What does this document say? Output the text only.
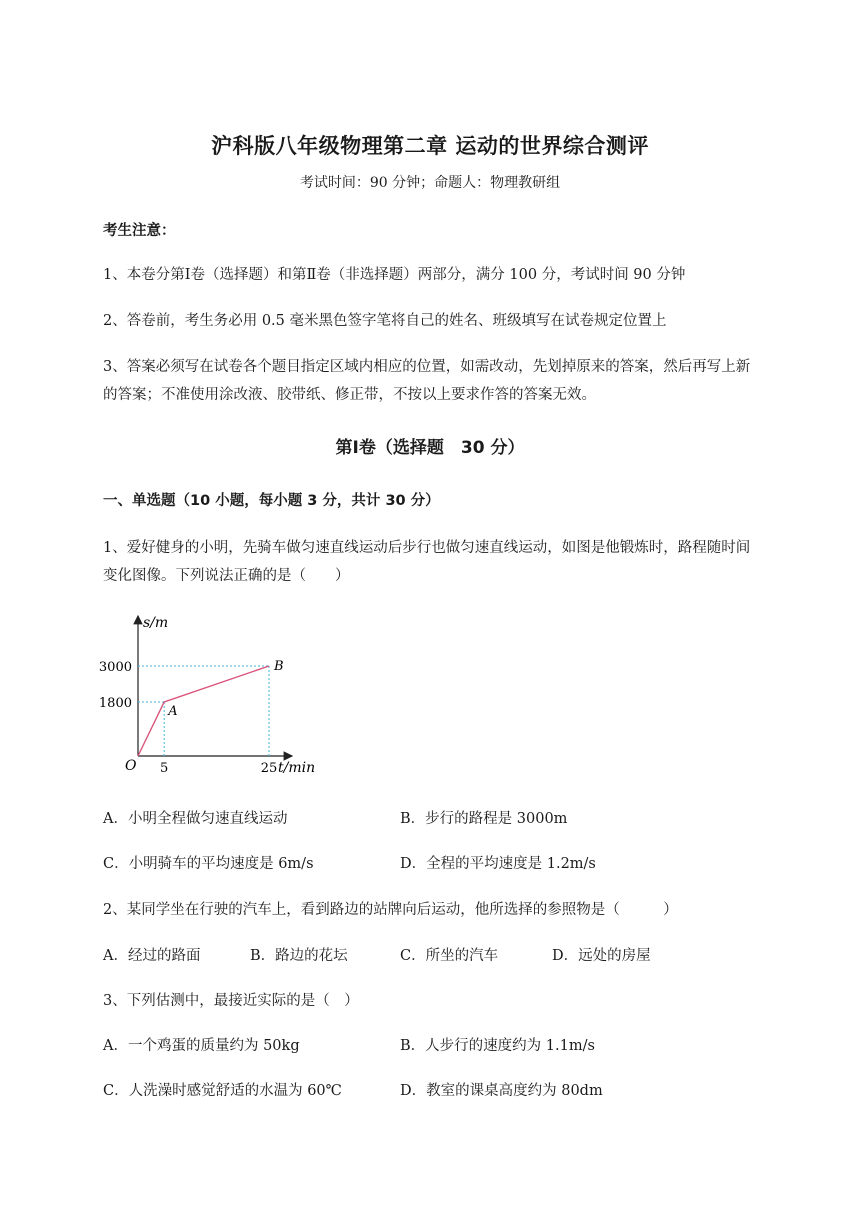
沪科版八年级物理第二章 运动的世界综合测评
考试时间：90 分钟；命题人：物理教研组
考生注意：
1、本卷分第Ⅰ卷（选择题）和第Ⅱ卷（非选择题）两部分，满分 100 分，考试时间 90 分钟
2、答卷前，考生务必用 0.5 毫米黑色签字笔将自己的姓名、班级填写在试卷规定位置上
3、答案必须写在试卷各个题目指定区域内相应的位置，如需改动，先划掉原来的答案，然后再写上新
的答案；不准使用涂改液、胶带纸、修正带，不按以上要求作答的答案无效。
第Ⅰ卷（选择题　30 分）
一、单选题（10 小题，每小题 3 分，共计 30 分）
1、爱好健身的小明，先骑车做匀速直线运动后步行也做匀速直线运动，如图是他锻炼时，路程随时间
变化图像。下列说法正确的是（　　）
s/m
t/min
O
3000
1800
5	25
A
B
A．小明全程做匀速直线运动	B．步行的路程是 3000m
C．小明骑车的平均速度是 6m/s	D．全程的平均速度是 1.2m/s
2、某同学坐在行驶的汽车上，看到路边的站牌向后运动，他所选择的参照物是（　　　）
A．经过的路面	B．路边的花坛	C．所坐的汽车	D．远处的房屋
3、下列估测中，最接近实际的是（　）
A．一个鸡蛋的质量约为 50kg	B．人步行的速度约为 1.1m/s
C．人洗澡时感觉舒适的水温为 60℃	D．教室的课桌高度约为 80dm
